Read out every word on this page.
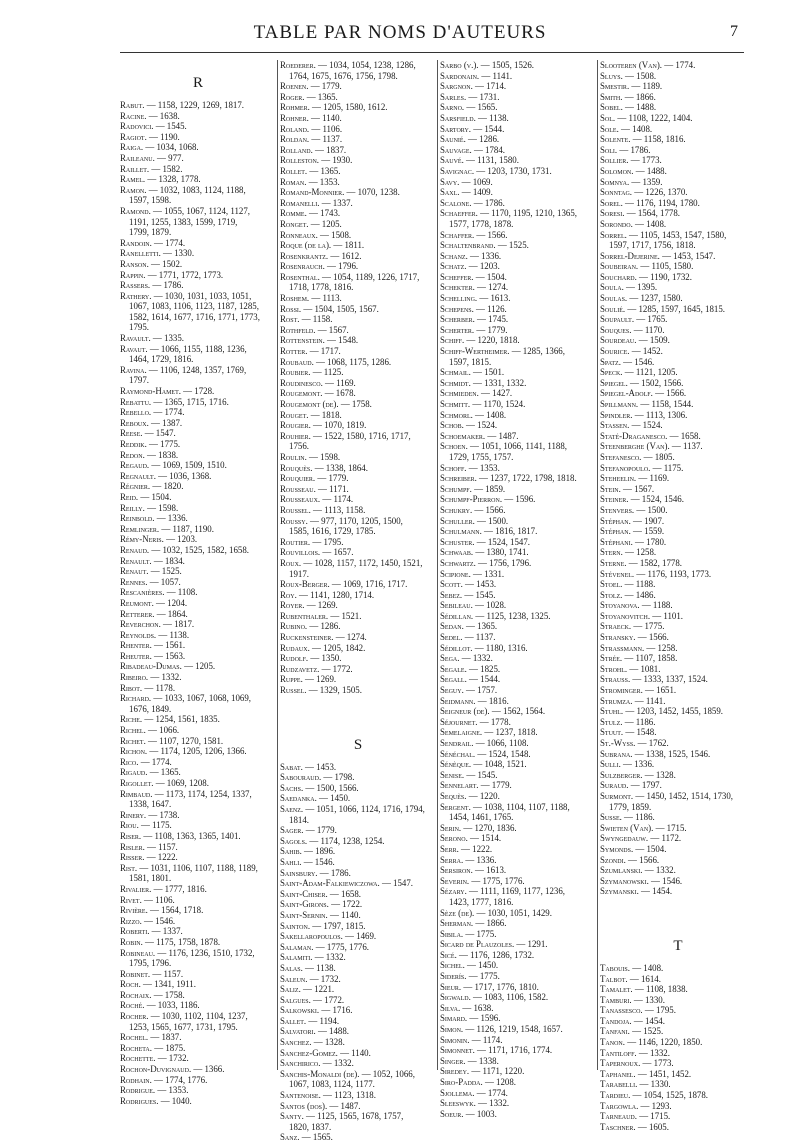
TABLE PAR NOMS D'AUTEURS	7
R
Rabut. — 1158, 1229, 1269, 1817.
Racine. — 1638.
Radovici. — 1545.
Ragiot. — 1190.
Raiga. — 1034, 1068.
Raileanu. — 977.
Raillet. — 1582.
Ramel. — 1328, 1778.
Ramon. — 1032, 1083, 1124, 1188,
1597, 1598.
Ramond. — 1055, 1067, 1124, 1127,
1191, 1255, 1383, 1599, 1719,
1799, 1879.
Randoin. — 1774.
Ranelletti. — 1330.
Ranson. — 1502.
Rappin. — 1771, 1772, 1773.
Rassers. — 1786.
Rathery. — 1030, 1031, 1033, 1051,
1067, 1083, 1106, 1123, 1187, 1285,
1582, 1614, 1677, 1716, 1771, 1773,
1795.
Ravault. — 1335.
Ravaut. — 1066, 1155, 1188, 1236,
1464, 1729, 1816.
Ravina. — 1106, 1248, 1357, 1769,
1797.
Raymond-Hamet. — 1728.
Rebattu. — 1365, 1715, 1716.
Rebello. — 1774.
Reboux. — 1387.
Reese. — 1547.
Reddik. — 1775.
Redon. — 1838.
Regaud. — 1069, 1509, 1510.
Regnault. — 1036, 1368.
Régnier. — 1820.
Reid. — 1504.
Reilly. — 1598.
Reinbold. — 1336.
Remlinger. — 1187, 1190.
Rémy-Neris. — 1203.
Renaud. — 1032, 1525, 1582, 1658.
Renault. — 1834.
Renaut. — 1525.
Rennes. — 1057.
Rescanières. — 1108.
Reumont. — 1204.
Retterer. — 1864.
Reverchon. — 1817.
Reynolds. — 1138.
Rhenter. — 1561.
Rheuter. — 1563.
Ribadeau-Dumas. — 1205.
Ribeiro. — 1332.
Ribot. — 1178.
Richard. — 1033, 1067, 1068, 1069,
1676, 1849.
Riche. — 1254, 1561, 1835.
Richel. — 1066.
Richet. — 1107, 1270, 1581.
Richon. — 1174, 1205, 1206, 1366.
Rico. — 1774.
Rigaud. — 1365.
Rigollet. — 1069, 1208.
Rimbaud. — 1173, 1174, 1254, 1337,
1338, 1647.
Rinery. — 1738.
Riou. — 1175.
Riser. — 1108, 1363, 1365, 1401.
Risler. — 1157.
Risser. — 1222.
Rist. — 1031, 1106, 1107, 1188, 1189,
1581, 1801.
Rivalier. — 1777, 1816.
Rivet. — 1106.
Rivière. — 1564, 1718.
Rizzo. — 1546.
Roberti. — 1337.
Robin. — 1175, 1758, 1878.
Robineau. — 1176, 1236, 1510, 1732,
1795, 1796.
Robinet. — 1157.
Roch. — 1341, 1911.
Rochaix. — 1758.
Roché. — 1033, 1186.
Rocher. — 1030, 1102, 1104, 1237,
1253, 1565, 1677, 1731, 1795.
Rochel. — 1837.
Rocheta. — 1875.
Rochette. — 1732.
Rochon-Duvignaud. — 1366.
Rodhain. — 1774, 1776.
Rodrigue. — 1353.
Rodrigues. — 1040.
Roederer. — 1034, 1054, 1238, 1286,
1764, 1675, 1676, 1756, 1798.
Roenen. — 1779.
Roger. — 1365.
Rohmer. — 1205, 1580, 1612.
Rohner. — 1140.
Roland. — 1106.
Roldan. — 1137.
Rolland. — 1837.
Rolleston. — 1930.
Rollet. — 1365.
Roman. — 1353.
Romand-Monnier. — 1070, 1238.
Romanelli. — 1337.
Romme. — 1743.
Ronget. — 1205.
Ronneaux. — 1508.
Roque (de la). — 1811.
Rosenkrantz. — 1612.
Rosenrauch. — 1796.
Rosenthal. — 1054, 1189, 1226, 1717,
1718, 1778, 1816.
Roshem. — 1113.
Rossi. — 1504, 1505, 1567.
Rost. — 1158.
Rothfeld. — 1567.
Rottenstein. — 1548.
Rotter. — 1717.
Roubaud. — 1068, 1175, 1286.
Roubier. — 1125.
Roudinesco. — 1169.
Rougemont. — 1678.
Rougemont (de). — 1758.
Rouget. — 1818.
Rougier. — 1070, 1819.
Rouhier. — 1522, 1580, 1716, 1717,
1756.
Roulin. — 1598.
Rouquès. — 1338, 1864.
Rouquier. — 1779.
Rousseau. — 1171.
Rousseaux. — 1174.
Roussel. — 1113, 1158.
Roussy. — 977, 1170, 1205, 1500,
1585, 1616, 1729, 1785.
Routier. — 1795.
Rouvillois. — 1657.
Roux. — 1028, 1157, 1172, 1450, 1521,
1917.
Roux-Berger. — 1069, 1716, 1717.
Roy. — 1141, 1280, 1714.
Royer. — 1269.
Rubenthaler. — 1521.
Rubino. — 1286.
Ruckensteiner. — 1274.
Rudaux. — 1205, 1842.
Rudolf. — 1350.
Rudzavetz. — 1772.
Ruppe. — 1269.
Russel. — 1329, 1505.
S
Sabat. — 1453.
Sabouraud. — 1798.
Sachs. — 1500, 1566.
Saedanka. — 1450.
Saenz. — 1051, 1066, 1124, 1716, 1794,
1814.
Sager. — 1779.
Sagols. — 1174, 1238, 1254.
Sahib. — 1896.
Sahli. — 1546.
Sainsbury. — 1786.
Saint-Adam-Falkiewiczowa. — 1547.
Saint-Chiser. — 1658.
Saint-Girons. — 1722.
Saint-Sernin. — 1140.
Sainton. — 1797, 1815.
Sakellaropoulos. — 1469.
Salaman. — 1775, 1776.
Salamiti. — 1332.
Salas. — 1138.
Saleun. — 1732.
Saliz. — 1221.
Salgues. — 1772.
Salkowski. — 1716.
Sallet. — 1194.
Salvatori. — 1488.
Sanchez. — 1328.
Sanchez-Gomez. — 1140.
Sanchirico. — 1332.
Sanchis-Monaldi (de). — 1052, 1066,
1067, 1083, 1124, 1177.
Santenoise. — 1123, 1318.
Santos (dos). — 1487.
Santy. — 1125, 1565, 1678, 1757,
1820, 1837.
Sanz. — 1565.
Sarbo (v.). — 1505, 1526.
Sardonain. — 1141.
Sargnon. — 1714.
Sarles. — 1731.
Sarno. — 1565.
Sarsfield. — 1138.
Sartory. — 1544.
Saunié. — 1286.
Sauvage. — 1784.
Sauvé. — 1131, 1580.
Savignac. — 1203, 1730, 1731.
Savy. — 1069.
Saxl. — 1409.
Scalone. — 1786.
Schaeffer. — 1170, 1195, 1210, 1365,
1577, 1778, 1878.
Schaffer. — 1566.
Schaltenbrand. — 1525.
Schanz. — 1336.
Schatz. — 1203.
Scheffer. — 1504.
Schekter. — 1274.
Schelling. — 1613.
Schepens. — 1126.
Scherber. — 1745.
Scherter. — 1779.
Schiff. — 1220, 1818.
Schiff-Wertheimer. — 1285, 1366,
1597, 1815.
Schmail. — 1501.
Schmidt. — 1331, 1332.
Schmieden. — 1427.
Schmitt. — 1170, 1524.
Schmorl. — 1408.
Schob. — 1524.
Schoemaker. — 1487.
Schoen. — 1051, 1066, 1141, 1188,
1729, 1755, 1757.
Schoff. — 1353.
Schreiber. — 1237, 1722, 1798, 1818.
Schumpf. — 1859.
Schumpf-Pierron. — 1596.
Schukry. — 1566.
Schuller. — 1500.
Schulmann. — 1816, 1817.
Schuster. — 1524, 1547.
Schwaab. — 1380, 1741.
Schwartz. — 1756, 1796.
Scipione. — 1331.
Scott. — 1453.
Sebez. — 1545.
Sebileau. — 1028.
Sédillan. — 1125, 1238, 1325.
Sedan. — 1365.
Sedel. — 1137.
Sédillot. — 1180, 1316.
Sega. — 1332.
Segale. — 1825.
Segall. — 1544.
Seguy. — 1757.
Seidmann. — 1816.
Seigneur (de). — 1562, 1564.
Séjournet. — 1778.
Semelaigne. — 1237, 1818.
Sendrail. — 1066, 1108.
Sénéchal. — 1524, 1548.
Sénèque. — 1048, 1521.
Senise. — 1545.
Sennelart. — 1779.
Sequès. — 1220.
Sergent. — 1038, 1104, 1107, 1188,
1454, 1461, 1765.
Serin. — 1270, 1836.
Serono. — 1514.
Serr. — 1222.
Serra. — 1336.
Sersiron. — 1613.
Severin. — 1775, 1776.
Sézary. — 1111, 1169, 1177, 1236,
1423, 1777, 1816.
Sèze (de). — 1030, 1051, 1429.
Sherman. — 1866.
Sibila. — 1775.
Sicard de Plauzoles. — 1291.
Sicé. — 1176, 1286, 1732.
Sichel. — 1450.
Siderís. — 1775.
Sieur. — 1717, 1776, 1810.
Sigwald. — 1083, 1106, 1582.
Silva. — 1638.
Simard. — 1596.
Simon. — 1126, 1219, 1548, 1657.
Simonin. — 1174.
Simonnet. — 1171, 1716, 1774.
Singer. — 1338.
Siredey. — 1171, 1220.
Siro-Padda. — 1208.
Sjollema. — 1774.
Sleeswyk. — 1332.
Soeur. — 1003.
Slooteren (Van). — 1774.
Sluys. — 1508.
Smestir. — 1189.
Smith. — 1866.
Sobel. — 1488.
Sol. — 1108, 1222, 1404.
Sole. — 1408.
Solente. — 1158, 1816.
Soli. — 1786.
Sollier. — 1773.
Solomon. — 1488.
Somnya. — 1359.
Sonntag. — 1226, 1370.
Sorel. — 1176, 1194, 1780.
Soresi. — 1564, 1778.
Sorondo. — 1408.
Sorrel. — 1105, 1453, 1547, 1580,
1597, 1717, 1756, 1818.
Sorrel-Dejerine. — 1453, 1547.
Soubeiran. — 1105, 1580.
Souchard. — 1190, 1732.
Soula. — 1395.
Soulas. — 1237, 1580.
Soulié. — 1285, 1597, 1645, 1815.
Soupault. — 1765.
Souques. — 1170.
Sourdeau. — 1509.
Sourice. — 1452.
Spatz. — 1546.
Speck. — 1121, 1205.
Spiegel. — 1502, 1566.
Spiegel-Adolf. — 1566.
Spillmann. — 1158, 1544.
Spindler. — 1113, 1306.
Stassen. — 1524.
Staté-Draganesco. — 1658.
Steenberghe (Van). — 1137.
Stefanesco. — 1805.
Stefanopoulo. — 1175.
Steheelin. — 1169.
Stein. — 1567.
Steiner. — 1524, 1546.
Stenvers. — 1500.
Stéphan. — 1907.
Stéphan. — 1559.
Stéphani. — 1780.
Stern. — 1258.
Sterne. — 1582, 1778.
Stévenel. — 1176, 1193, 1773.
Stoel. — 1188.
Stolz. — 1486.
Stoyanova. — 1188.
Stoyanovitch. — 1101.
Straeck. — 1775.
Stransky. — 1566.
Strassmann. — 1258.
Strée. — 1107, 1858.
Strohl. — 1081.
Strauss. — 1333, 1337, 1524.
Strominger. — 1651.
Strumza. — 1141.
Stuhl. — 1203, 1452, 1455, 1859.
Stulz. — 1186.
Stuut. — 1548.
St.-Wyss. — 1762.
Subrana. — 1338, 1525, 1546.
Sulli. — 1336.
Sulzberger. — 1328.
Suraud. — 1797.
Surmont. — 1450, 1452, 1514, 1730,
1779, 1859.
Susse. — 1186.
Swieten (Van). — 1715.
Swyngedauw. — 1172.
Symonds. — 1504.
Szondi. — 1566.
Szumlanski. — 1332.
Szymanowski. — 1546.
Szymanski. — 1454.
T
Tabouis. — 1408.
Talbot. — 1614.
Tamalet. — 1108, 1838.
Tamburi. — 1330.
Tanassesco. — 1795.
Tandoja. — 1454.
Tanfani. — 1525.
Tanon. — 1146, 1220, 1850.
Tantiloff. — 1332.
Tapernoux. — 1773.
Taphanel. — 1451, 1452.
Tarabelli. — 1330.
Tardieu. — 1054, 1525, 1878.
Targowla. — 1293.
Tarneaud. — 1715.
Taschner. — 1605.
